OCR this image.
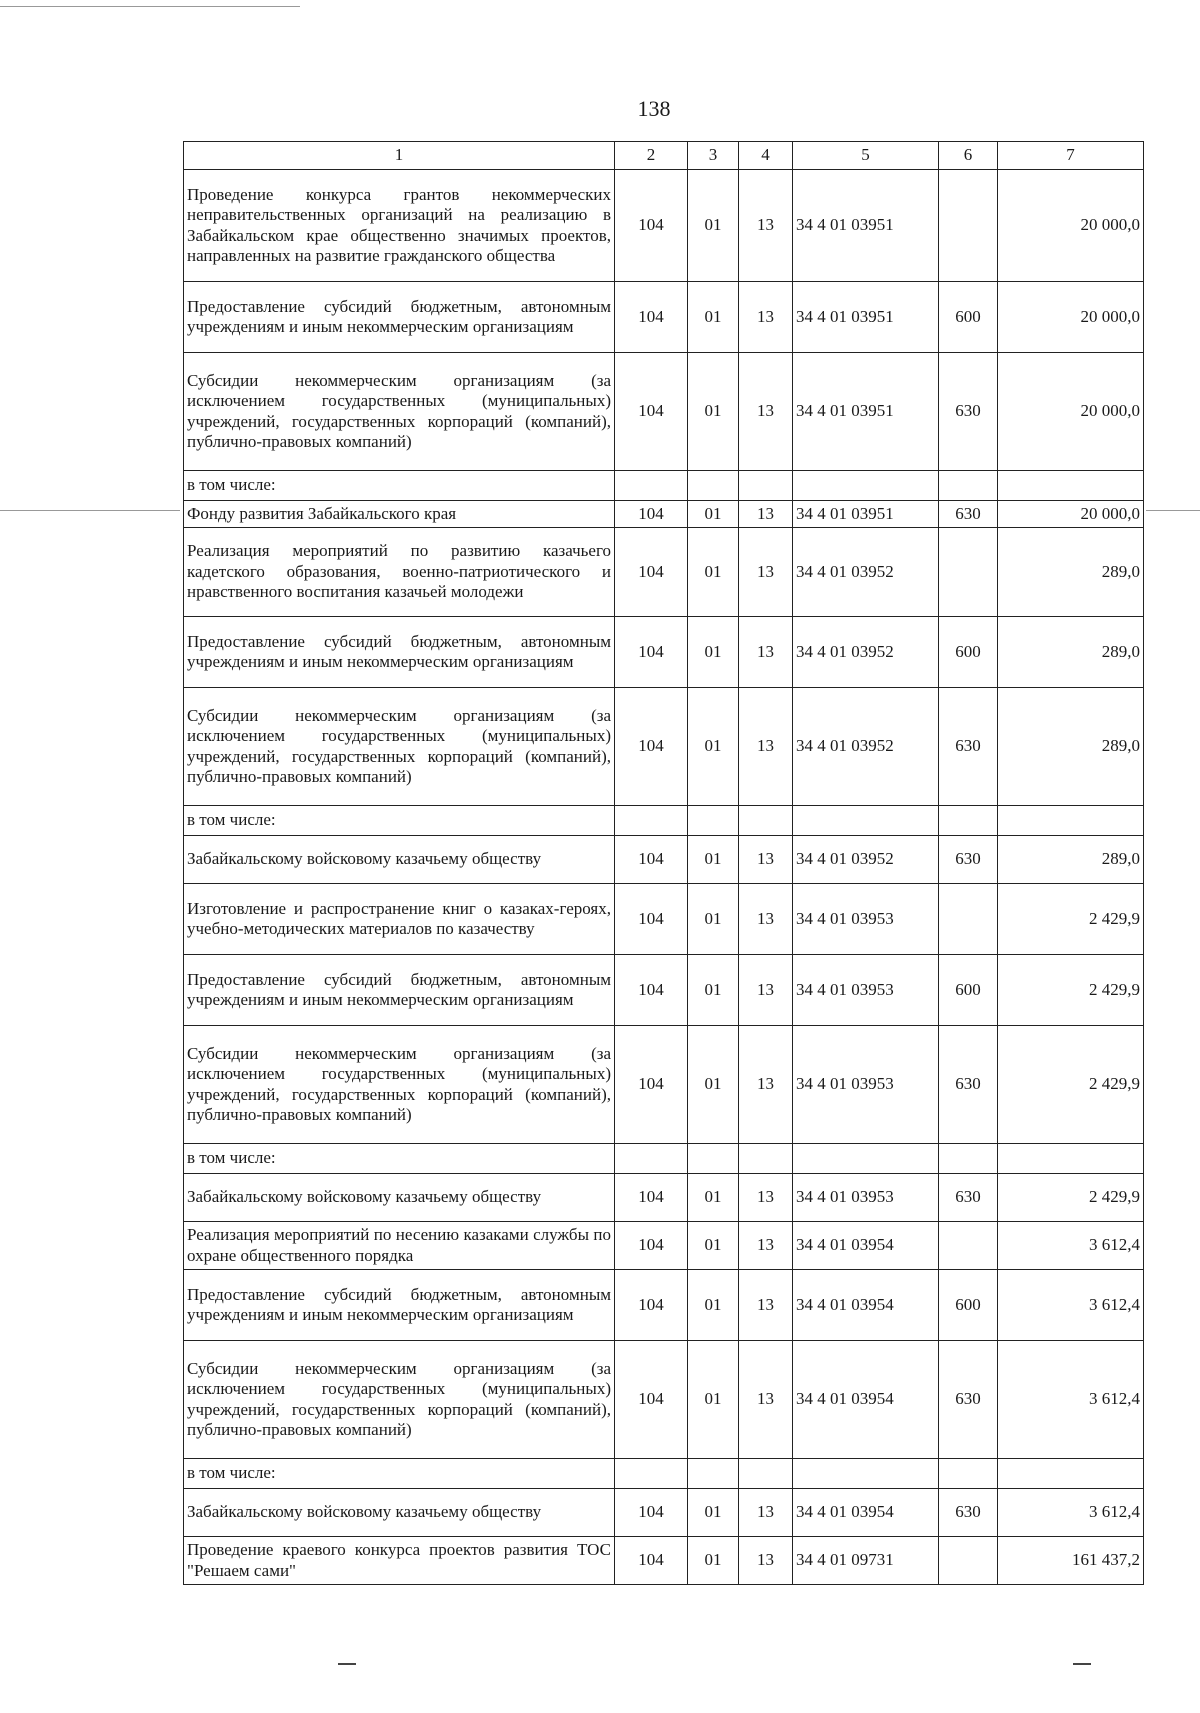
138
1	2	3	4	5	6	7
Проведение конкурса грантов некоммерческих неправительственных организаций на реализацию в Забайкальском крае общественно значимых проектов, направленных на развитие гражданского общества	104	01	13	34 4 01 03951		20 000,0
Предоставление субсидий бюджетным, автономным учреждениям и иным некоммерческим организациям	104	01	13	34 4 01 03951	600	20 000,0
Субсидии некоммерческим организациям (за исключением государственных (муниципальных) учреждений, государственных корпораций (компаний), публично-правовых компаний)	104	01	13	34 4 01 03951	630	20 000,0
в том числе:						
Фонду развития Забайкальского края	104	01	13	34 4 01 03951	630	20 000,0
Реализация мероприятий по развитию казачьего кадетского образования, военно-патриотического и нравственного воспитания казачьей молодежи	104	01	13	34 4 01 03952		289,0
Предоставление субсидий бюджетным, автономным учреждениям и иным некоммерческим организациям	104	01	13	34 4 01 03952	600	289,0
Субсидии некоммерческим организациям (за исключением государственных (муниципальных) учреждений, государственных корпораций (компаний), публично-правовых компаний)	104	01	13	34 4 01 03952	630	289,0
в том числе:						
Забайкальскому войсковому казачьему обществу	104	01	13	34 4 01 03952	630	289,0
Изготовление и распространение книг о казаках-героях, учебно-методических материалов по казачеству	104	01	13	34 4 01 03953		2 429,9
Предоставление субсидий бюджетным, автономным учреждениям и иным некоммерческим организациям	104	01	13	34 4 01 03953	600	2 429,9
Субсидии некоммерческим организациям (за исключением государственных (муниципальных) учреждений, государственных корпораций (компаний), публично-правовых компаний)	104	01	13	34 4 01 03953	630	2 429,9
в том числе:						
Забайкальскому войсковому казачьему обществу	104	01	13	34 4 01 03953	630	2 429,9
Реализация мероприятий по несению казаками службы по охране общественного порядка	104	01	13	34 4 01 03954		3 612,4
Предоставление субсидий бюджетным, автономным учреждениям и иным некоммерческим организациям	104	01	13	34 4 01 03954	600	3 612,4
Субсидии некоммерческим организациям (за исключением государственных (муниципальных) учреждений, государственных корпораций (компаний), публично-правовых компаний)	104	01	13	34 4 01 03954	630	3 612,4
в том числе:						
Забайкальскому войсковому казачьему обществу	104	01	13	34 4 01 03954	630	3 612,4
Проведение краевого конкурса проектов развития ТОС "Решаем сами"	104	01	13	34 4 01 09731		161 437,2
